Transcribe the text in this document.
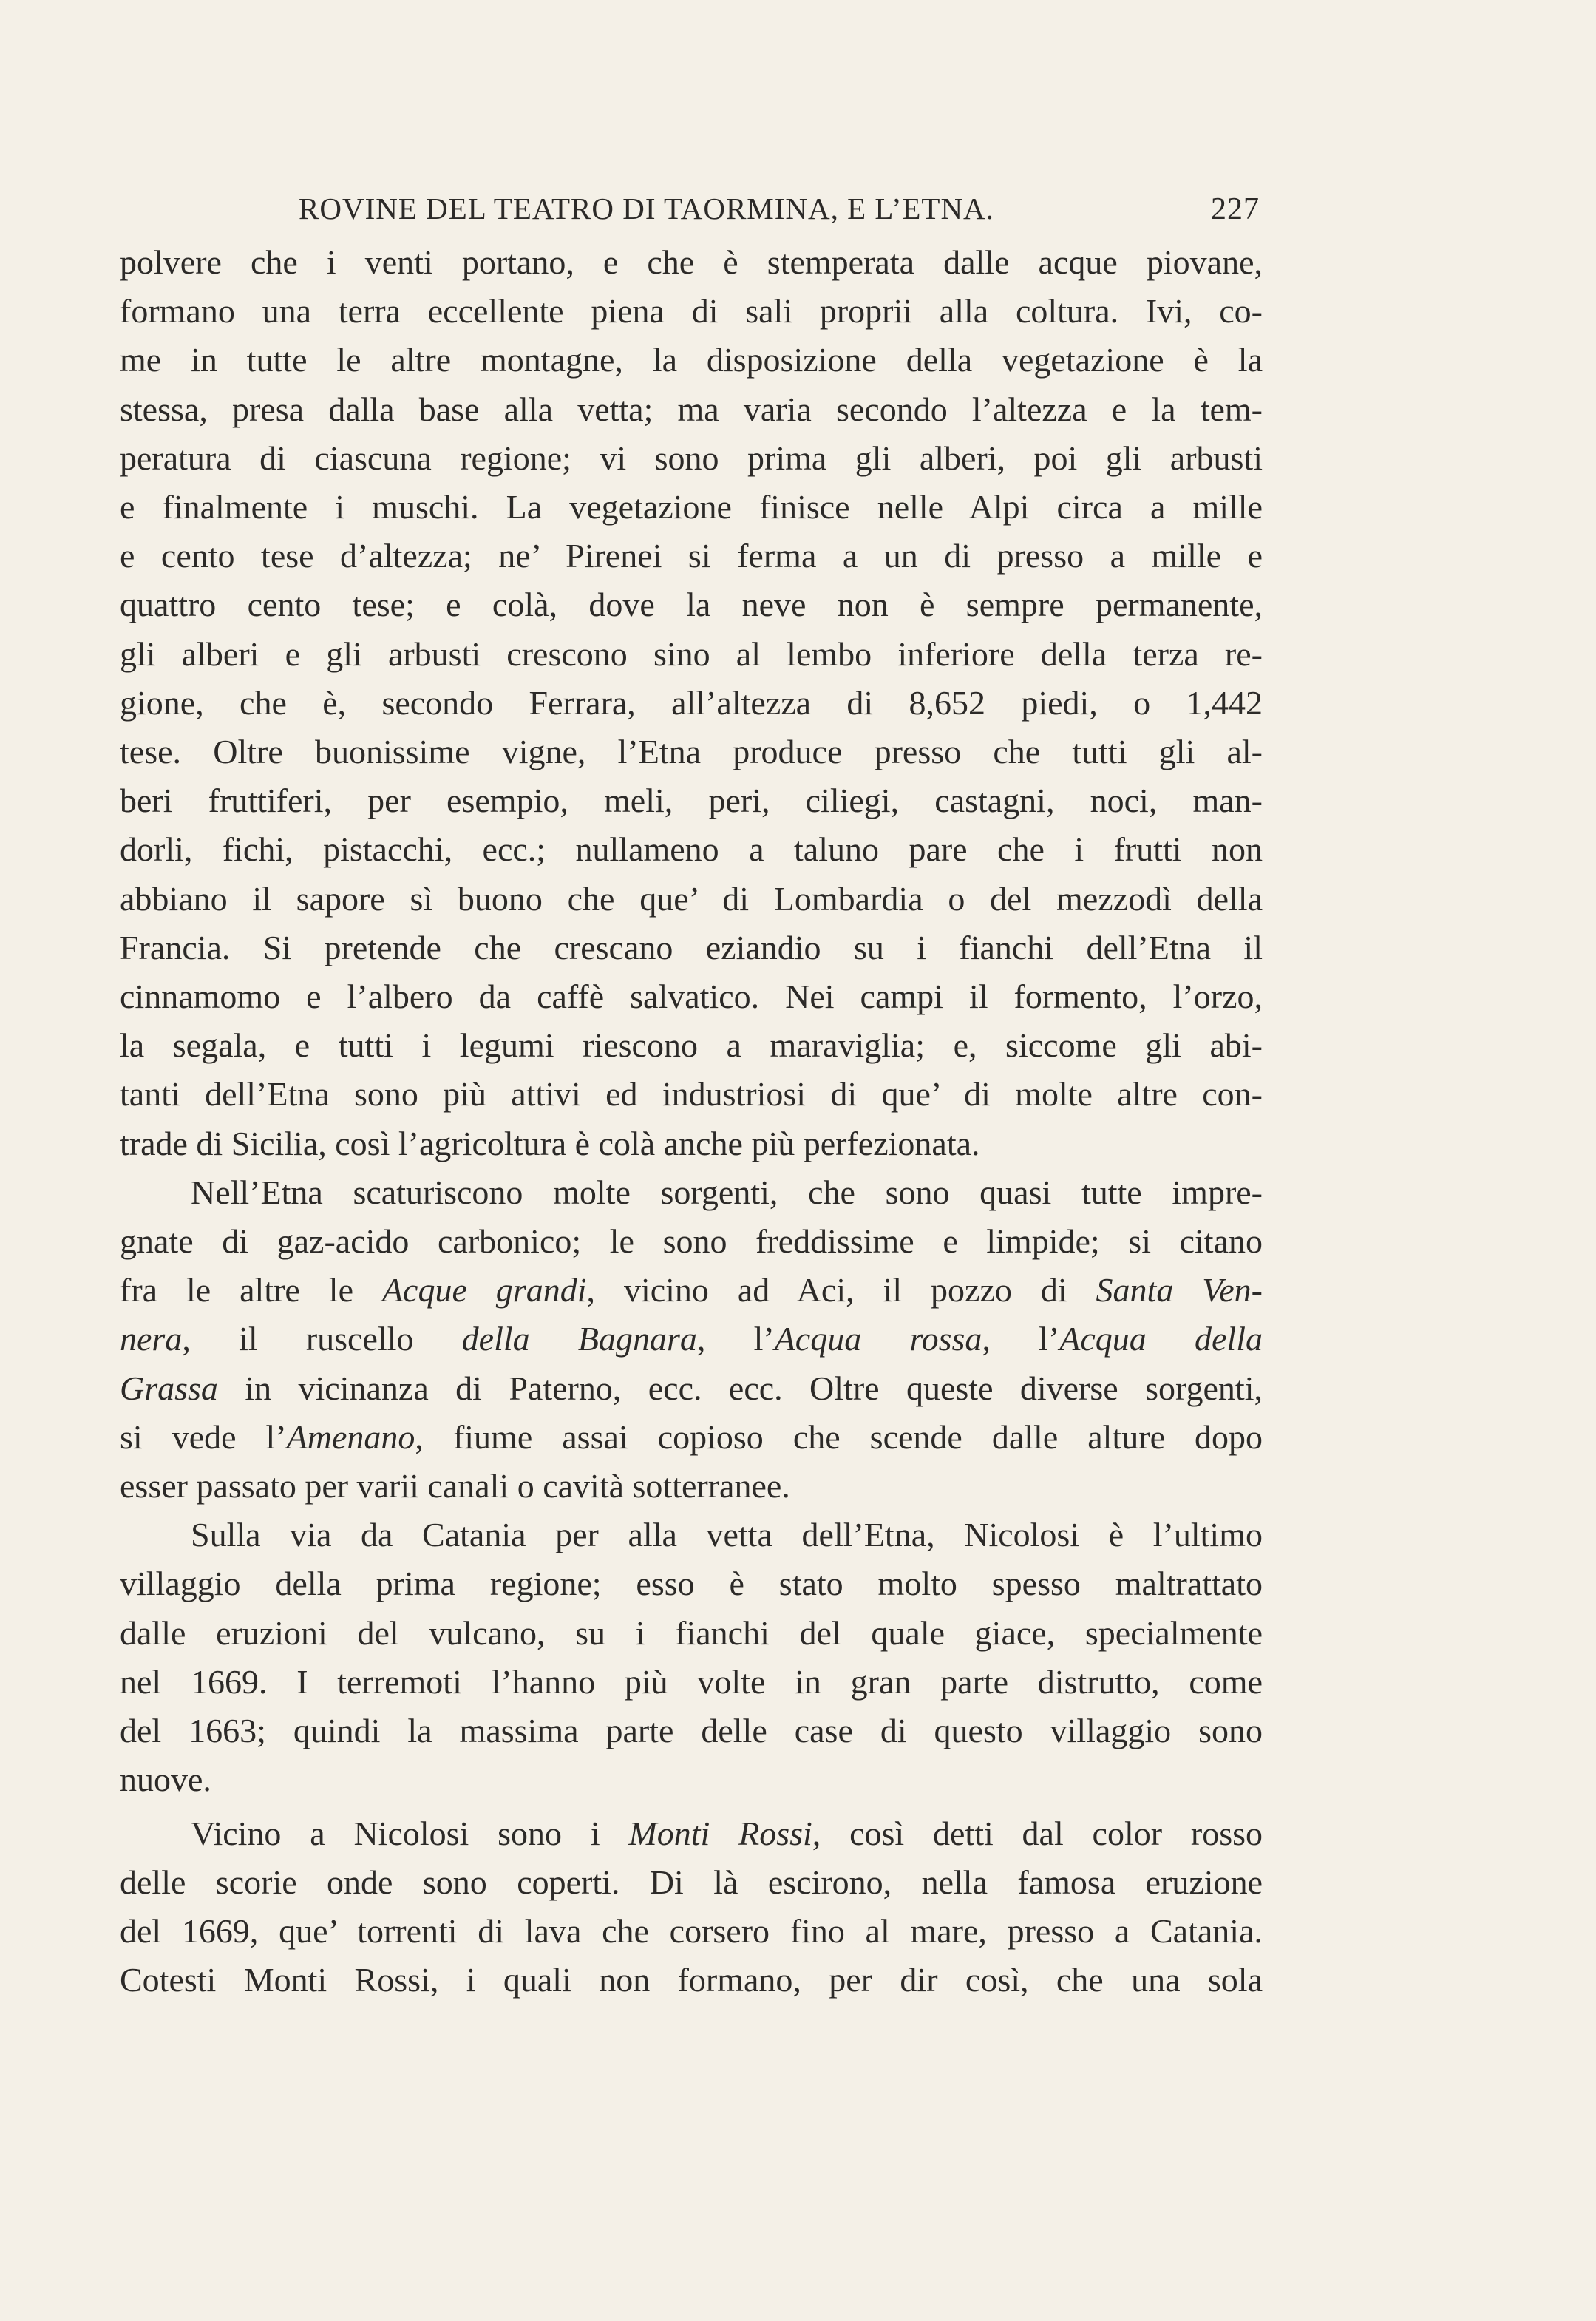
ROVINE DEL TEATRO DI TAORMINA, E L’ETNA.	227
polvere che i venti portano, e che è stemperata dalle acque piovane,
formano una terra eccellente piena di sali proprii alla coltura. Ivi, co-
me in tutte le altre montagne, la disposizione della vegetazione è la
stessa, presa dalla base alla vetta; ma varia secondo l’altezza e la tem-
peratura di ciascuna regione; vi sono prima gli alberi, poi gli arbusti
e finalmente i muschi. La vegetazione finisce nelle Alpi circa a mille
e cento tese d’altezza; ne’ Pirenei si ferma a un di presso a mille e
quattro cento tese; e colà, dove la neve non è sempre permanente,
gli alberi e gli arbusti crescono sino al lembo inferiore della terza re-
gione, che è, secondo Ferrara, all’altezza di 8,652 piedi, o 1,442
tese. Oltre buonissime vigne, l’Etna produce presso che tutti gli al-
beri fruttiferi, per esempio, meli, peri, ciliegi, castagni, noci, man-
dorli, fichi, pistacchi, ecc.; nullameno a taluno pare che i frutti non
abbiano il sapore sì buono che que’ di Lombardia o del mezzodì della
Francia. Si pretende che crescano eziandio su i fianchi dell’Etna il
cinnamomo e l’albero da caffè salvatico. Nei campi il formento, l’orzo,
la segala, e tutti i legumi riescono a maraviglia; e, siccome gli abi-
tanti dell’Etna sono più attivi ed industriosi di que’ di molte altre con-
trade di Sicilia, così l’agricoltura è colà anche più perfezionata.
Nell’Etna scaturiscono molte sorgenti, che sono quasi tutte impre-
gnate di gaz-acido carbonico; le sono freddissime e limpide; si citano
fra le altre le Acque grandi, vicino ad Aci, il pozzo di Santa Ven-
nera, il ruscello della Bagnara, l’Acqua rossa, l’Acqua della
Grassa in vicinanza di Paterno, ecc. ecc. Oltre queste diverse sorgenti,
si vede l’Amenano, fiume assai copioso che scende dalle alture dopo
esser passato per varii canali o cavità sotterranee.
Sulla via da Catania per alla vetta dell’Etna, Nicolosi è l’ultimo
villaggio della prima regione; esso è stato molto spesso maltrattato
dalle eruzioni del vulcano, su i fianchi del quale giace, specialmente
nel 1669. I terremoti l’hanno più volte in gran parte distrutto, come
del 1663; quindi la massima parte delle case di questo villaggio sono
nuove.
Vicino a Nicolosi sono i Monti Rossi, così detti dal color rosso
delle scorie onde sono coperti. Di là escirono, nella famosa eruzione
del 1669, que’ torrenti di lava che corsero fino al mare, presso a Catania.
Cotesti Monti Rossi, i quali non formano, per dir così, che una sola
